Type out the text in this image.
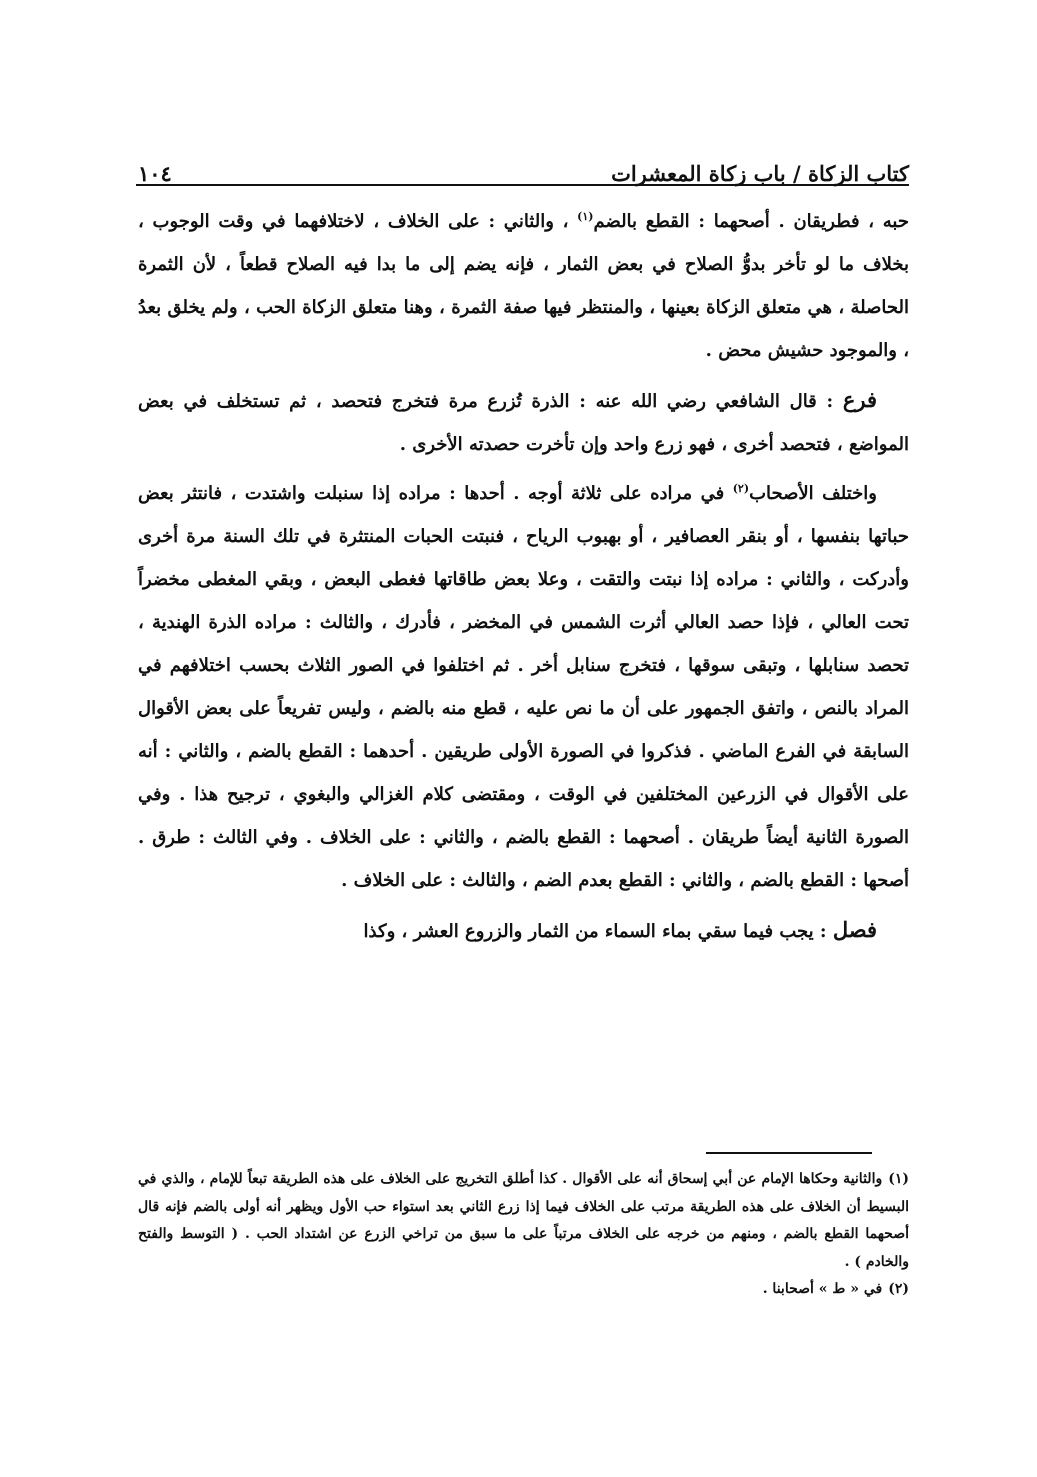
كتاب الزكاة / باب زكاة المعشرات
١٠٤

حبه ، فطريقان . أصحهما : القطع بالضم$^{(١)}$ ، والثاني : على الخلاف ، لاختلافهما في وقت الوجوب ، بخلاف ما لو تأخر بدوُّ الصلاح في بعض الثمار ، فإنه يضم إلى ما بدا فيه الصلاح قطعاً ، لأن الثمرة الحاصلة ، هي متعلق الزكاة بعينها ، والمنتظر فيها صفة الثمرة ، وهنا متعلق الزكاة الحب ، ولم يخلق بعدُ ، والموجود حشيش محض .

فرع : قال الشافعي رضي الله عنه : الذرة تُزرع مرة فتخرج فتحصد ، ثم تستخلف في بعض المواضع ، فتحصد أخرى ، فهو زرع واحد وإن تأخرت حصدته الأخرى .

واختلف الأصحاب$^{(٢)}$ في مراده على ثلاثة أوجه . أحدها : مراده إذا سنبلت واشتدت ، فانتثر بعض حباتها بنفسها ، أو بنقر العصافير ، أو بهبوب الرياح ، فنبتت الحبات المنتثرة في تلك السنة مرة أخرى وأدركت ، والثاني : مراده إذا نبتت والتقت ، وعلا بعض طاقاتها فغطى البعض ، وبقي المغطى مخضراً تحت العالي ، فإذا حصد العالي أثرت الشمس في المخضر ، فأدرك ، والثالث : مراده الذرة الهندية ، تحصد سنابلها ، وتبقى سوقها ، فتخرج سنابل أخر . ثم اختلفوا في الصور الثلاث بحسب اختلافهم في المراد بالنص ، واتفق الجمهور على أن ما نص عليه ، قطع منه بالضم ، وليس تفريعاً على بعض الأقوال السابقة في الفرع الماضي . فذكروا في الصورة الأولى طريقين . أحدهما : القطع بالضم ، والثاني : أنه على الأقوال في الزرعين المختلفين في الوقت ، ومقتضى كلام الغزالي والبغوي ، ترجيح هذا . وفي الصورة الثانية أيضاً طريقان . أصحهما : القطع بالضم ، والثاني : على الخلاف . وفي الثالث : طرق . أصحها : القطع بالضم ، والثاني : القطع بعدم الضم ، والثالث : على الخلاف .

فصل : يجب فيما سقي بماء السماء من الثمار والزروع العشر ، وكذا

(١)والثانية وحكاها الإمام عن أبي إسحاق أنه على الأقوال . كذا أطلق التخريج على الخلاف على هذه الطريقة تبعاً للإمام ، والذي في البسيط أن الخلاف على هذه الطريقة مرتب على الخلاف فيما إذا زرع الثاني بعد استواء حب الأول ويظهر أنه أولى بالضم فإنه قال أصحهما القطع بالضم ، ومنهم من خرجه على الخلاف مرتباً على ما سبق من تراخي الزرع عن اشتداد الحب . ( التوسط والفتح والخادم ) .

(٢)في « ط » أصحابنا .
